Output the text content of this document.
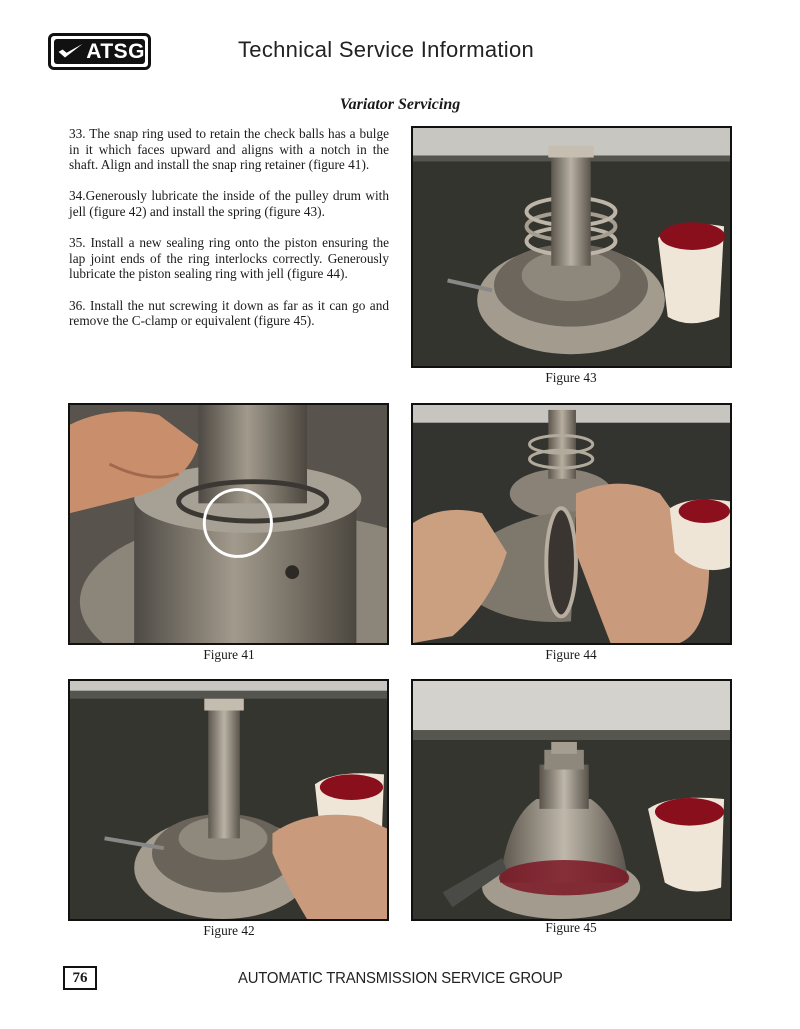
ATSG	Technical Service Information
Variator Servicing

33. The snap ring used to retain the check balls has a bulge in it which faces upward and aligns with a notch in the shaft. Align and install the snap ring retainer (figure 41).

34.Generously lubricate the inside of the pulley drum with jell (figure 42) and install the spring (figure 43).

35. Install a new sealing ring onto the piston ensuring the lap joint ends of the ring interlocks correctly. Generously lubricate the piston sealing ring with jell (figure 44).

36. Install the nut screwing it down as far as it can go and remove the C-clamp or equivalent (figure 45).

Figure 43
Figure 41	Figure 44
Figure 42	Figure 45
76	AUTOMATIC TRANSMISSION SERVICE GROUP
